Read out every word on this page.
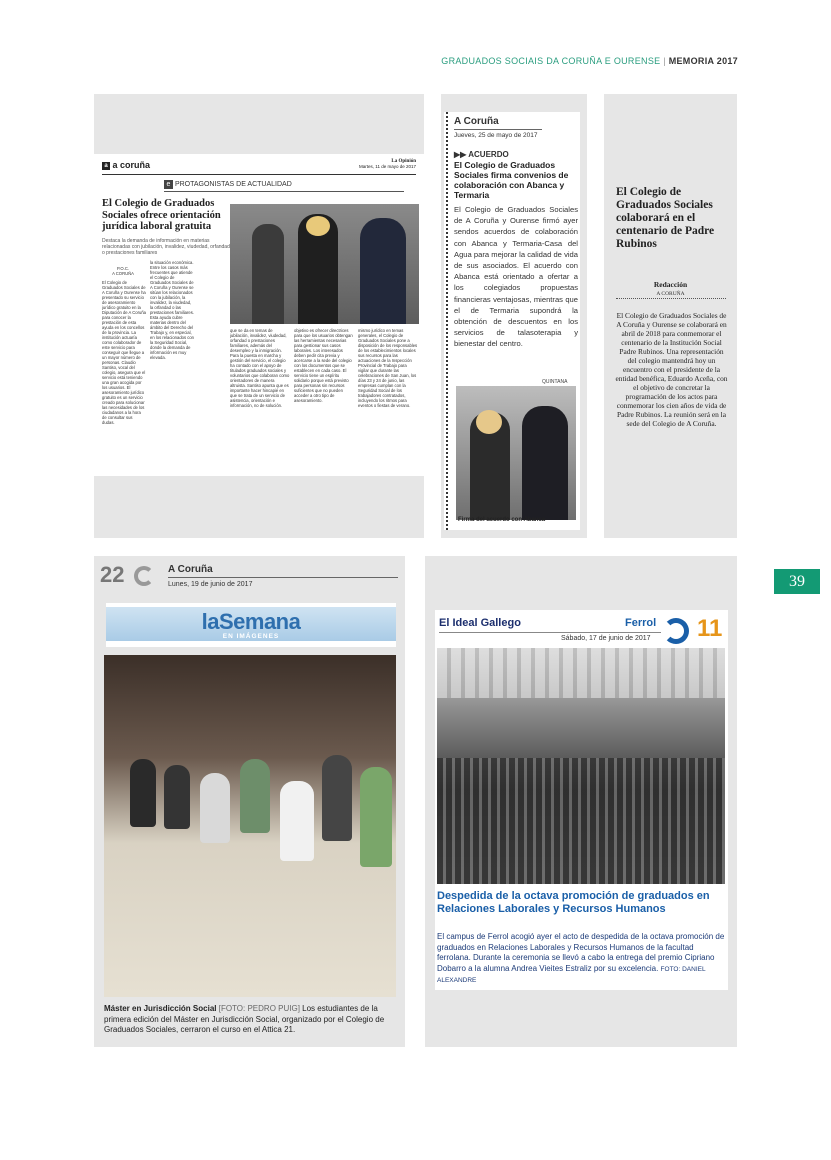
GRADUADOS SOCIAIS DA CORUÑA E OURENSE | MEMORIA 2017
39
a a coruña	La Opinión
Martes, 11 de mayo de 2017
e PROTAGONISTAS DE ACTUALIDAD
El Colegio de Graduados Sociales ofrece orientación jurídica laboral gratuita
Destaca la demanda de información en materias relacionadas con jubilación, invalidez, viudedad, orfandad o prestaciones familiares
P.O.C.
A CORUÑA
El Colegio de Graduados Sociales de A Coruña y Ourense ha presentado su servicio de asesoramiento jurídico gratuito en la Diputación de A Coruña para conocer la prestación de esta ayuda en los concellos de la provincia. La institución actuaría como colaborador de este servicio para conseguir que llegue a un mayor número de personas. Claudio Santiso, vocal del colegio, asegura que el servicio está teniendo una gran acogida por los usuarios. El asesoramiento jurídico gratuito es un servicio creado para solucionar las necesidades de los ciudadanos a la hora de consultar sus dudas.
la situación económica. Entre los casos más frecuentes que atiende el Colegio de Graduados Sociales de A Coruña y Ourense se sitúan los relacionados con la jubilación, la invalidez, la viudedad, la orfandad o las prestaciones familiares. Esta ayuda cubre materias dentro del ámbito del Derecho del Trabajo y, en especial, en los relacionados con la Seguridad Social, donde la demanda de información es muy elevada.
que se da en temas de jubilación, invalidez, viudedad, orfandad o prestaciones familiares, además del desempleo y la inmigración. Para la puesta en marcha y gestión del servicio, el colegio ha contado con el apoyo de titulados graduados sociales y voluntarios que colaboran como orientadores de manera altruista. Santiso apunta que es importante hacer hincapié en que se trata de un servicio de asistencia, orientación e información, no de solución.
objetivo es ofrecer directrices para que los usuarios obtengan las herramientas necesarias para gestionar sus casos laborales. Los interesados deben pedir cita previa y acercarse a la sede del colegio con los documentos que se establecen en cada caso. El servicio tiene un espíritu solidario porque está previsto para personas sin recursos suficientes que no pueden acceder a otro tipo de asesoramiento.
mismo jurídico en temas generales, el Colegio de Graduados Sociales pone a disposición de los responsables de los establecimientos locales sus recursos para las actuaciones de la Inspección Provincial de Trabajo para vigilar que durante las celebraciones de San Juan, los días 23 y 24 de junio, las empresas cumplan con la Seguridad Social de los trabajadores contratados, incluyendo los ritmos para eventos o fiestas de verano.
A Coruña
Jueves, 25 de mayo de 2017
▶▶ ACUERDO
El Colegio de Graduados Sociales firma convenios de colaboración con Abanca y Termaria
El Colegio de Graduados Sociales de A Coruña y Ourense firmó ayer sendos acuerdos de colaboración con Abanca y Termaria-Casa del Agua para mejorar la calidad de vida de sus asociados. El acuerdo con Abanca está orientado a ofertar a los colegiados propuestas financieras ventajosas, mientras que el de Termaria supondrá la obtención de descuentos en los servicios de talasoterapia y bienestar del centro.
QUINTANA
Firma del acuerdo con Abanca
El Colegio de Graduados Sociales colaborará en el centenario de Padre Rubinos
Redacción
A CORUÑA
El Colegio de Graduados Sociales de A Coruña y Ourense se colaborará en abril de 2018 para conmemorar el centenario de la Institución Social Padre Rubinos. Una representación del colegio mantendrá hoy un encuentro con el presidente de la entidad benéfica, Eduardo Aceña, con el objetivo de concretar la programación de los actos para conmemorar los cien años de vida de Padre Rubinos. La reunión será en la sede del Colegio de A Coruña.
22	A Coruña
Lunes, 19 de junio de 2017
laSemana
EN IMÁGENES
Máster en Jurisdicción Social [FOTO: PEDRO PUIG] Los estudiantes de la primera edición del Máster en Jurisdicción Social, organizado por el Colegio de Graduados Sociales, cerraron el curso en el Attica 21.
El Ideal Gallego	Ferrol
Sábado, 17 de junio de 2017 11
Despedida de la octava promoción de graduados en Relaciones Laborales y Recursos Humanos
El campus de Ferrol acogió ayer el acto de despedida de la octava promoción de graduados en Relaciones Laborales y Recursos Humanos de la facultad ferrolana. Durante la ceremonia se llevó a cabo la entrega del premio Cipriano Dobarro a la alumna Andrea Vieites Estraliz por su excelencia. FOTO: DANIEL ALEXANDRE
